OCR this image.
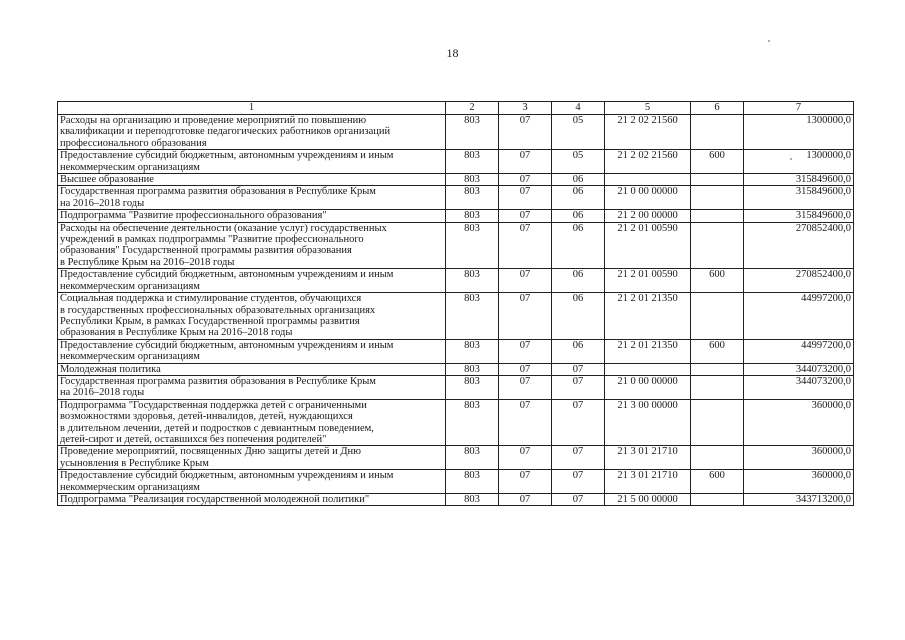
18
1	2	3	4	5	6	7

Расходы на организацию и проведение мероприятий по повышению
квалификации и переподготовке педагогических работников организаций
профессионального образования	803	07	05	21 2 02 21560		1300000,0

Предоставление субсидий бюджетным, автономным учреждениям и иным
некоммерческим организациям	803	07	05	21 2 02 21560	600	1300000,0

Высшее образование	803	07	06			315849600,0

Государственная программа развития образования в Республике Крым
на 2016–2018 годы	803	07	06	21 0 00 00000		315849600,0

Подпрограмма "Развитие профессионального образования"	803	07	06	21 2 00 00000		315849600,0

Расходы на обеспечение деятельности (оказание услуг) государственных
учреждений в рамках подпрограммы "Развитие профессионального
образования" Государственной программы развития образования
в Республике Крым на 2016–2018 годы	803	07	06	21 2 01 00590		270852400,0

Предоставление субсидий бюджетным, автономным учреждениям и иным
некоммерческим организациям	803	07	06	21 2 01 00590	600	270852400,0

Социальная поддержка и стимулирование студентов, обучающихся
в государственных профессиональных образовательных организациях
Республики Крым, в рамках Государственной программы развития
образования в Республике Крым на 2016–2018 годы	803	07	06	21 2 01 21350		44997200,0

Предоставление субсидий бюджетным, автономным учреждениям и иным
некоммерческим организациям	803	07	06	21 2 01 21350	600	44997200,0

Молодежная политика	803	07	07			344073200,0

Государственная программа развития образования в Республике Крым
на 2016–2018 годы	803	07	07	21 0 00 00000		344073200,0

Подпрограмма "Государственная поддержка детей с ограниченными
возможностями здоровья, детей-инвалидов, детей, нуждающихся
в длительном лечении, детей и подростков с девиантным поведением,
детей-сирот и детей, оставшихся без попечения родителей"	803	07	07	21 3 00 00000		360000,0

Проведение мероприятий, посвященных Дню защиты детей и Дню
усыновления в Республике Крым	803	07	07	21 3 01 21710		360000,0

Предоставление субсидий бюджетным, автономным учреждениям и иным
некоммерческим организациям	803	07	07	21 3 01 21710	600	360000,0

Подпрограмма "Реализация государственной молодежной политики"	803	07	07	21 5 00 00000		343713200,0
